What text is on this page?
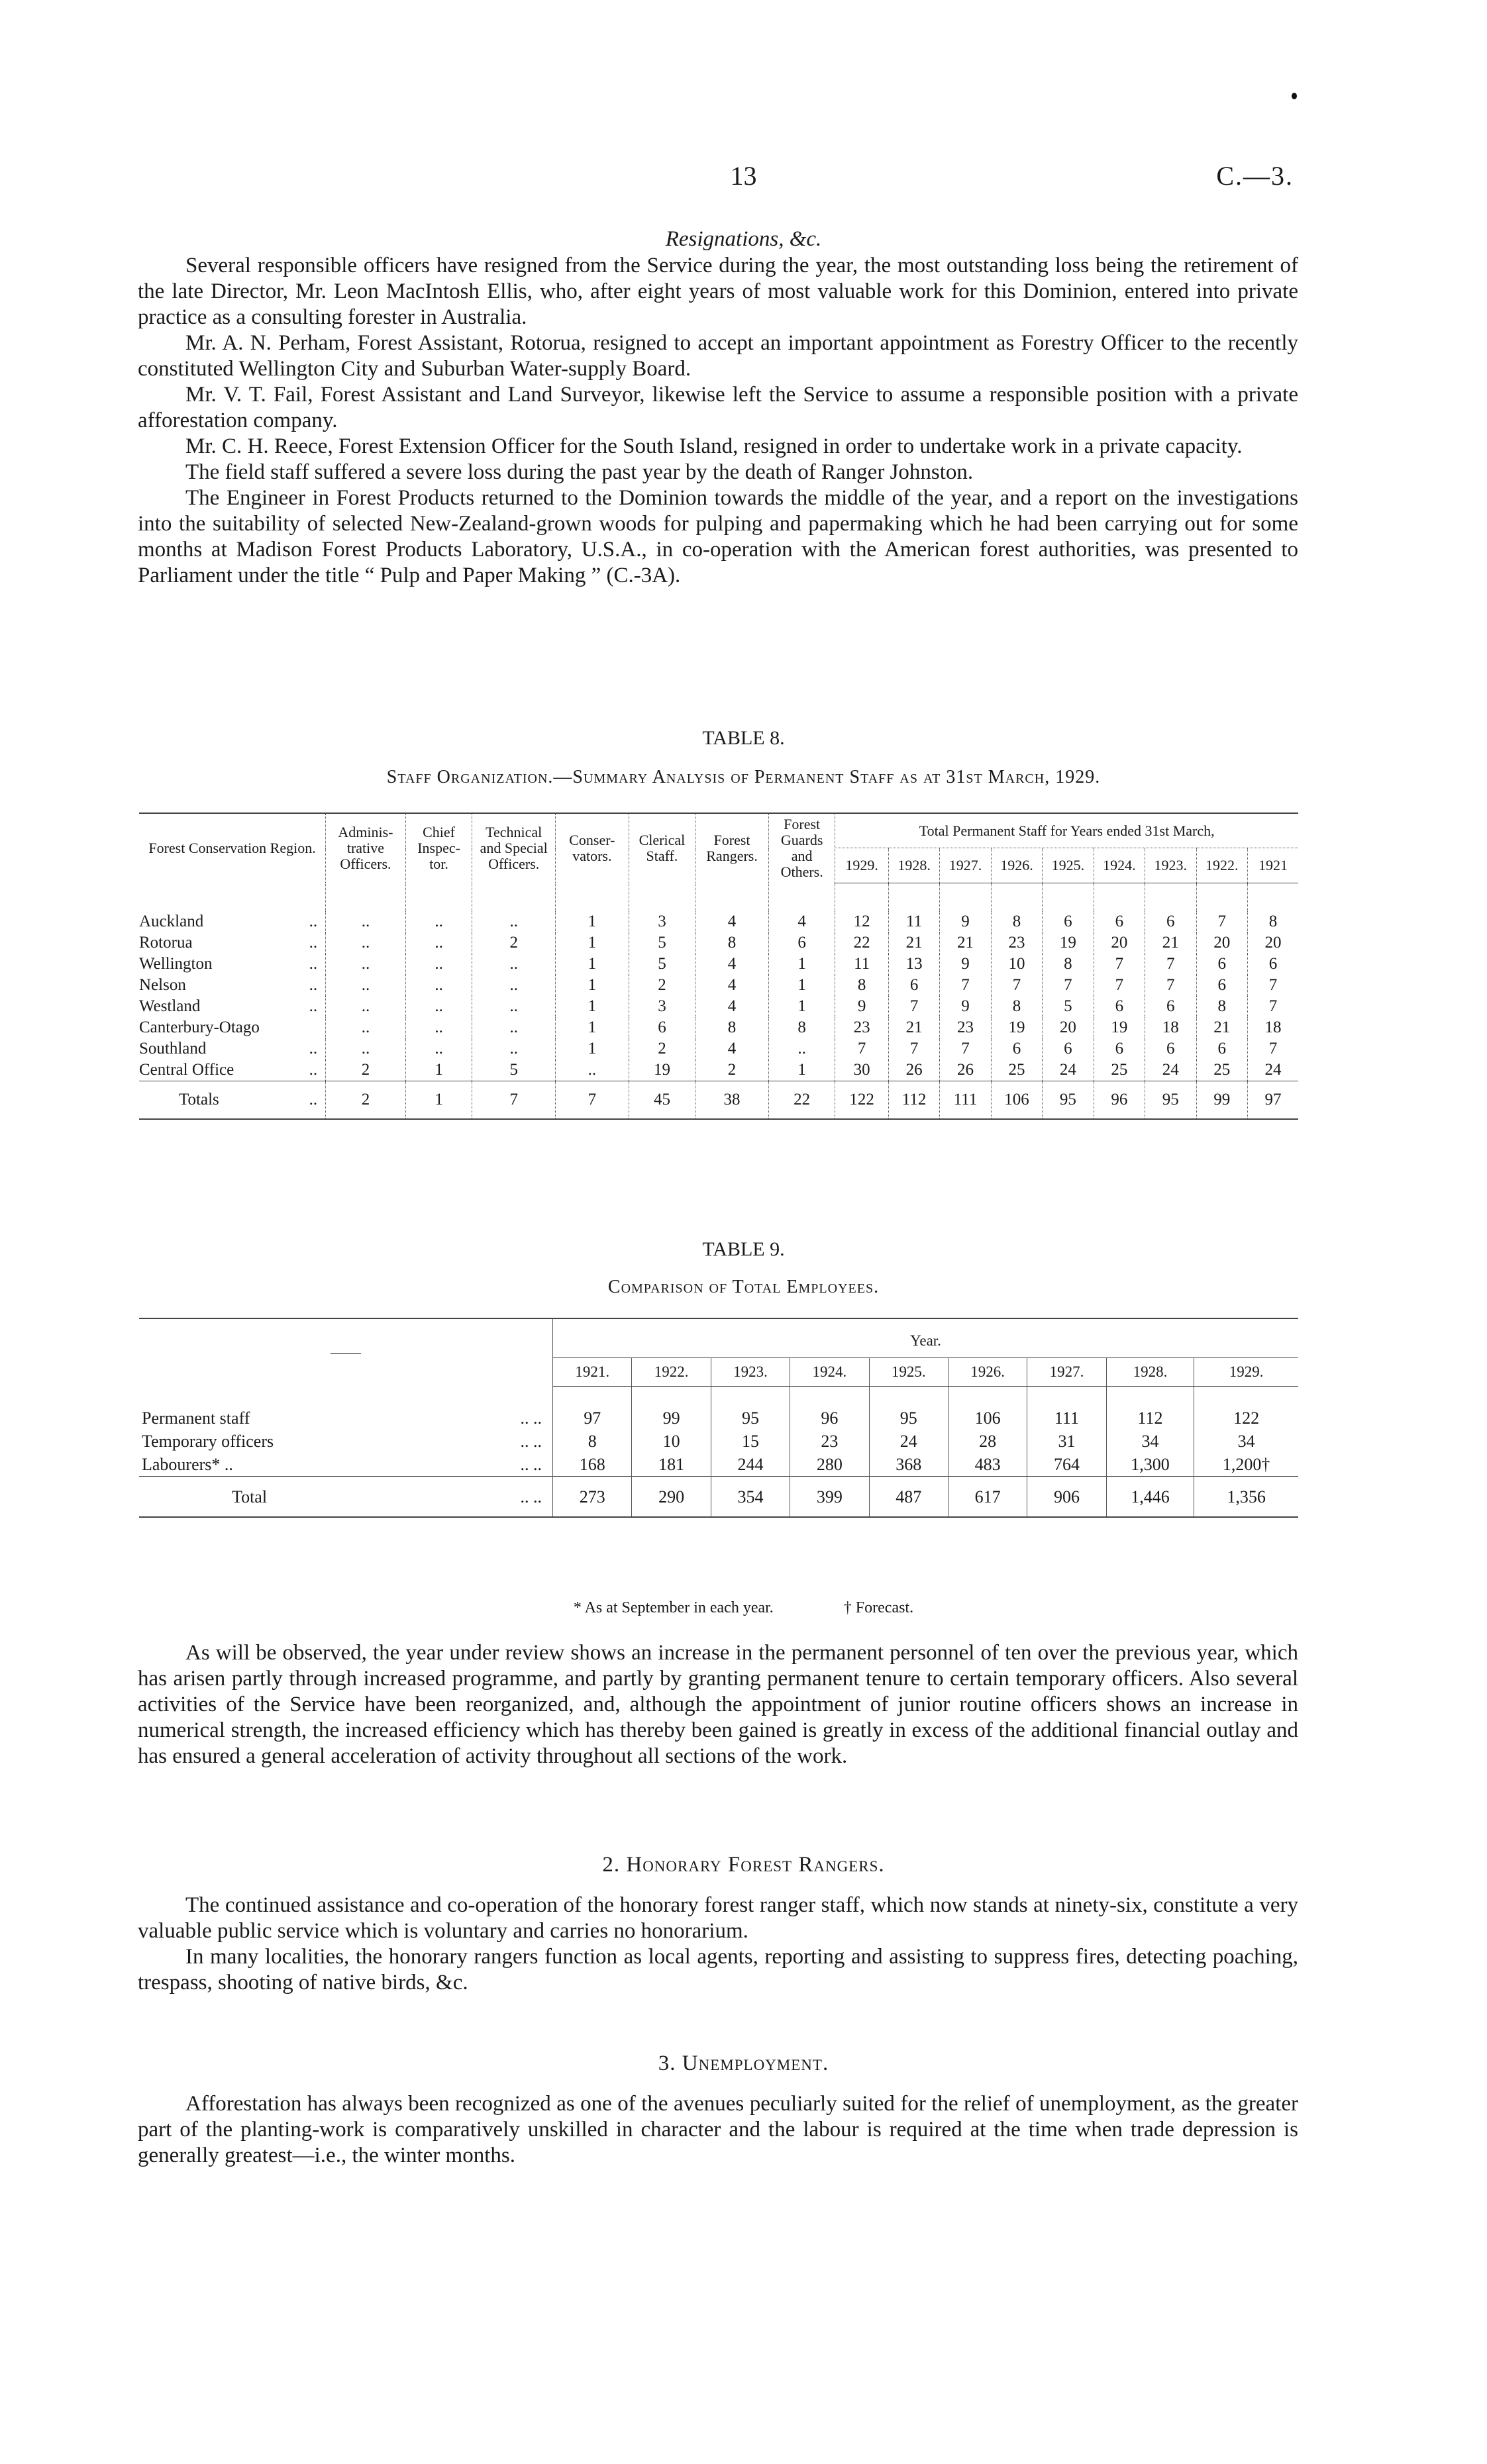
13	C.—3.
Resignations, &c.

Several responsible officers have resigned from the Service during the year, the most outstanding loss being the retirement of the late Director, Mr. Leon MacIntosh Ellis, who, after eight years of most valuable work for this Dominion, entered into private practice as a consulting forester in Australia.

Mr. A. N. Perham, Forest Assistant, Rotorua, resigned to accept an important appointment as Forestry Officer to the recently constituted Wellington City and Suburban Water-supply Board.

Mr. V. T. Fail, Forest Assistant and Land Surveyor, likewise left the Service to assume a responsible position with a private afforestation company.

Mr. C. H. Reece, Forest Extension Officer for the South Island, resigned in order to undertake work in a private capacity.

The field staff suffered a severe loss during the past year by the death of Ranger Johnston.

The Engineer in Forest Products returned to the Dominion towards the middle of the year, and a report on the investigations into the suitability of selected New-Zealand-grown woods for pulping and papermaking which he had been carrying out for some months at Madison Forest Products Laboratory, U.S.A., in co-operation with the American forest authorities, was presented to Parliament under the title “ Pulp and Paper Making ” (C.-3A).

TABLE 8.
Staff Organization.—Summary Analysis of Permanent Staff as at 31st March, 1929.
Forest Conservation Region.	Adminis-trative Officers.	Chief Inspec-tor.	Technical and Special Officers.	Conser-vators.	Clerical Staff.	Forest Rangers.	Forest Guards and Others.	Total Permanent Staff for Years ended 31st March,								
								1929.	1928.	1927.	1926.	1925.	1924.	1923.	1922.	1921

Auckland ..	..	..	..	1	3	4	4	12	11	9	8	6	6	6	7	8
Rotorua ..	..	..	2	1	5	8	6	22	21	21	23	19	20	21	20	20
Wellington ..	..	..	..	1	5	4	1	11	13	9	10	8	7	7	6	6
Nelson ..	..	..	..	1	2	4	1	8	6	7	7	7	7	7	6	7
Westland ..	..	..	..	1	3	4	1	9	7	9	8	5	6	6	8	7
Canterbury-Otago	..	..	..	1	6	8	8	23	21	23	19	20	19	18	21	18
Southland ..	..	..	..	1	2	4	..	7	7	7	6	6	6	6	6	7
Central Office ..	2	1	5	..	19	2	1	30	26	26	25	24	25	24	25	24
Totals ..	2	1	7	7	45	38	22	122	112	111	106	95	96	95	99	97
TABLE 9.
Comparison of Total Employees.
——	Year.								
	1921.	1922.	1923.	1924.	1925.	1926.	1927.	1928.	1929.

Permanent staff .. ..	97	99	95	96	95	106	111	112	122
Temporary officers .. ..	8	10	15	23	24	28	31	34	34
Labourers* .. .. ..	168	181	244	280	368	483	764	1,300	1,200†
Total .. ..	273	290	354	399	487	617	906	1,446	1,356
* As at September in each year.	† Forecast.

As will be observed, the year under review shows an increase in the permanent personnel of ten over the previous year, which has arisen partly through increased programme, and partly by granting permanent tenure to certain temporary officers. Also several activities of the Service have been reorganized, and, although the appointment of junior routine officers shows an increase in numerical strength, the increased efficiency which has thereby been gained is greatly in excess of the additional financial outlay and has ensured a general acceleration of activity throughout all sections of the work.

2. Honorary Forest Rangers.

The continued assistance and co-operation of the honorary forest ranger staff, which now stands at ninety-six, constitute a very valuable public service which is voluntary and carries no honorarium.

In many localities, the honorary rangers function as local agents, reporting and assisting to suppress fires, detecting poaching, trespass, shooting of native birds, &c.

3. Unemployment.

Afforestation has always been recognized as one of the avenues peculiarly suited for the relief of unemployment, as the greater part of the planting-work is comparatively unskilled in character and the labour is required at the time when trade depression is generally greatest—i.e., the winter months.
